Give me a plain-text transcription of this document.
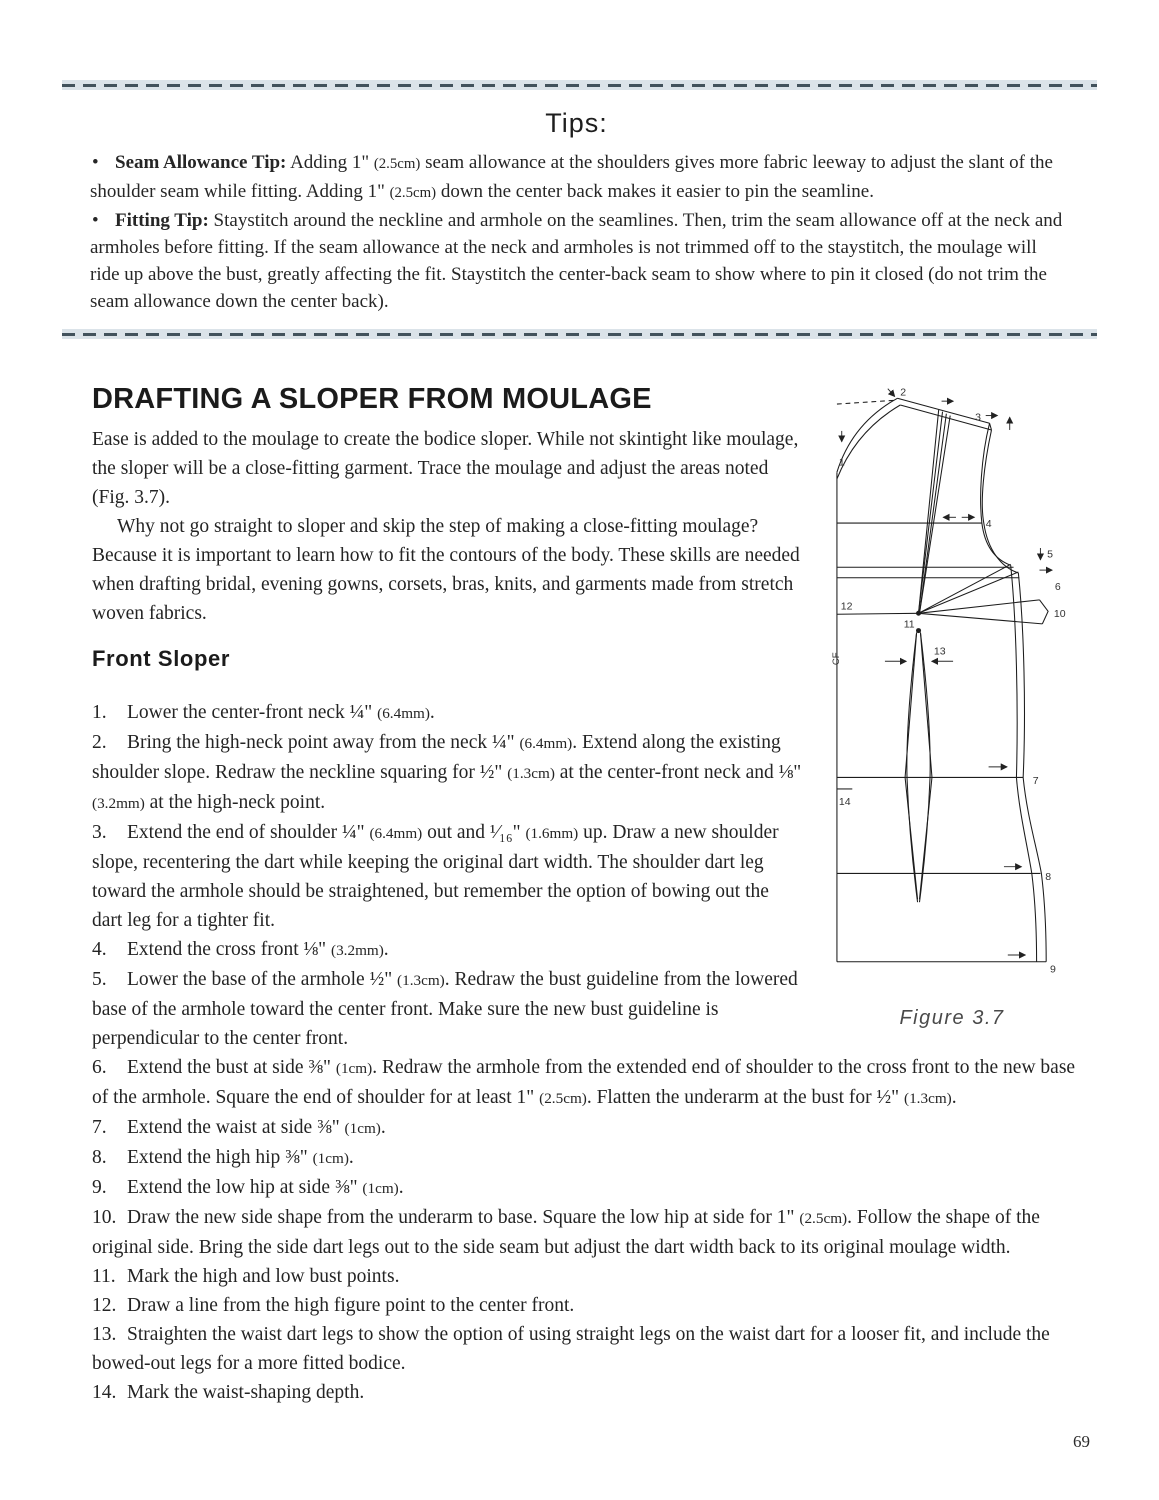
Tips:

• Seam Allowance Tip: Adding 1" (2.5cm) seam allowance at the shoulders gives more fabric leeway to adjust the slant of the shoulder seam while fitting. Adding 1" (2.5cm) down the center back makes it easier to pin the seamline.

• Fitting Tip: Staystitch around the neckline and armhole on the seamlines. Then, trim the seam allowance off at the neck and armholes before fitting. If the seam allowance at the neck and armholes is not trimmed off to the staystitch, the moulage will ride up above the bust, greatly affecting the fit. Staystitch the center-back seam to show where to pin it closed (do not trim the seam allowance down the center back).

1
2
3
4
5
6
7
8
9
10
11
12
13
14
CF
Figure 3.7
DRAFTING A SLOPER FROM MOULAGE

Ease is added to the moulage to create the bodice sloper. While not skintight like moulage, the sloper will be a close-fitting garment. Trace the moulage and adjust the areas noted (Fig. 3.7).

Why not go straight to sloper and skip the step of making a close-fitting moulage? Because it is important to learn how to fit the contours of the body. These skills are needed when drafting bridal, evening gowns, corsets, bras, knits, and garments made from stretch woven fabrics.

Front Sloper

1. Lower the center-front neck ¼" (6.4mm).

2. Bring the high-neck point away from the neck ¼" (6.4mm). Extend along the existing shoulder slope. Redraw the neckline squaring for ½" (1.3cm) at the center-front neck and ⅛" (3.2mm) at the high-neck point.

3. Extend the end of shoulder ¼" (6.4mm) out and ¹⁄₁₆" (1.6mm) up. Draw a new shoulder slope, recentering the dart while keeping the original dart width. The shoulder dart leg toward the armhole should be straightened, but remember the option of bowing out the dart leg for a tighter fit.

4. Extend the cross front ⅛" (3.2mm).

5. Lower the base of the armhole ½" (1.3cm). Redraw the bust guideline from the lowered base of the armhole toward the center front. Make sure the new bust guideline is perpendicular to the center front.

6. Extend the bust at side ⅜" (1cm). Redraw the armhole from the extended end of shoulder to the cross front to the new base of the armhole. Square the end of shoulder for at least 1" (2.5cm). Flatten the underarm at the bust for ½" (1.3cm).

7. Extend the waist at side ⅜" (1cm).

8. Extend the high hip ⅜" (1cm).

9. Extend the low hip at side ⅜" (1cm).

10. Draw the new side shape from the underarm to base. Square the low hip at side for 1" (2.5cm). Follow the shape of the original side. Bring the side dart legs out to the side seam but adjust the dart width back to its original moulage width.

11. Mark the high and low bust points.

12. Draw a line from the high figure point to the center front.

13. Straighten the waist dart legs to show the option of using straight legs on the waist dart for a looser fit, and include the bowed-out legs for a more fitted bodice.

14. Mark the waist-shaping depth.

69
